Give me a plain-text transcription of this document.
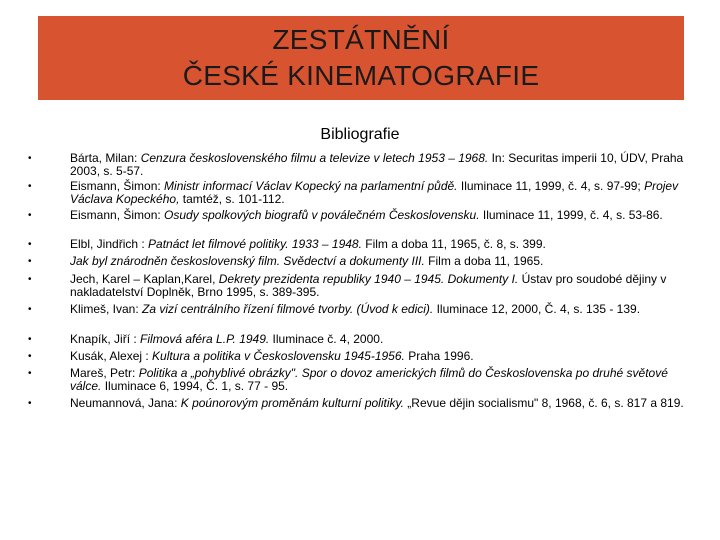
ZESTÁTNĚNÍ
ČESKÉ KINEMATOGRAFIE
Bibliografie
•	Bárta, Milan: Cenzura československého filmu a televize v letech 1953 – 1968. In: Securitas imperii 10, ÚDV, Praha 2003, s. 5-57.
•	Eismann, Šimon: Ministr informací Václav Kopecký na parlamentní půdě. Iluminace 11, 1999, č. 4, s. 97-99; Projev Václava Kopeckého, tamtéž, s. 101-112.
•	Eismann, Šimon: Osudy spolkových biografů v poválečném Československu. Iluminace 11, 1999, č. 4, s. 53-86.
•	Elbl, Jindřich : Patnáct let filmové politiky. 1933 – 1948. Film a doba 11, 1965, č. 8, s. 399.
•	Jak byl znárodněn československý film. Svědectví a dokumenty III. Film a doba 11, 1965.
•	Jech, Karel – Kaplan,Karel, Dekrety prezidenta republiky 1940 – 1945. Dokumenty I. Ústav pro soudobé dějiny v nakladatelství Doplněk, Brno 1995, s. 389-395.
•	Klimeš, Ivan: Za vizí centrálního řízení filmové tvorby. (Úvod k edici). Iluminace 12, 2000, Č. 4, s. 135 - 139.
•	Knapík, Jiří : Filmová aféra L.P. 1949. Iluminace č. 4, 2000.
•	Kusák, Alexej : Kultura a politika v Československu 1945-1956. Praha 1996.
•	Mareš, Petr: Politika a „pohyblivé obrázky". Spor o dovoz amerických filmů do Československa po druhé světové válce. Iluminace 6, 1994, Č. 1, s. 77 - 95.
•	Neumannová, Jana: K poúnorovým proměnám kulturní politiky. „Revue dějin socialismu" 8, 1968, č. 6, s. 817 a 819.
